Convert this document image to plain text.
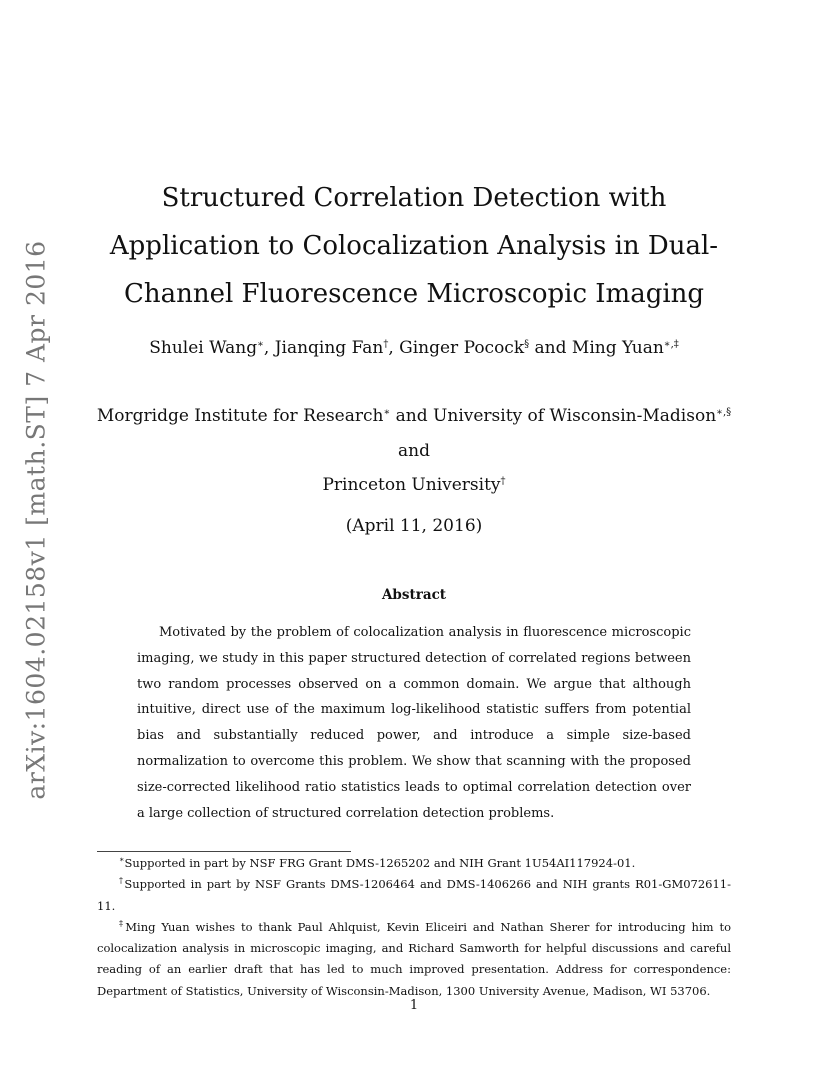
arXiv:1604.02158v1 [math.ST] 7 Apr 2016
Structured Correlation Detection with Application to Colocalization Analysis in Dual-Channel Fluorescence Microscopic Imaging
Shulei Wang∗, Jianqing Fan†, Ginger Pocock§ and Ming Yuan∗,‡
Morgridge Institute for Research∗ and University of Wisconsin-Madison∗,§
and
Princeton University†
(April 11, 2016)
Abstract
Motivated by the problem of colocalization analysis in fluorescence microscopic imaging, we study in this paper structured detection of correlated regions between two random processes observed on a common domain. We argue that although intuitive, direct use of the maximum log-likelihood statistic suffers from potential bias and substantially reduced power, and introduce a simple size-based normalization to overcome this problem. We show that scanning with the proposed size-corrected likelihood ratio statistics leads to optimal correlation detection over a large collection of structured correlation detection problems.
∗Supported in part by NSF FRG Grant DMS-1265202 and NIH Grant 1U54AI117924-01.
†Supported in part by NSF Grants DMS-1206464 and DMS-1406266 and NIH grants R01-GM072611-11.
‡Ming Yuan wishes to thank Paul Ahlquist, Kevin Eliceiri and Nathan Sherer for introducing him to colocalization analysis in microscopic imaging, and Richard Samworth for helpful discussions and careful reading of an earlier draft that has led to much improved presentation. Address for correspondence: Department of Statistics, University of Wisconsin-Madison, 1300 University Avenue, Madison, WI 53706.
1
